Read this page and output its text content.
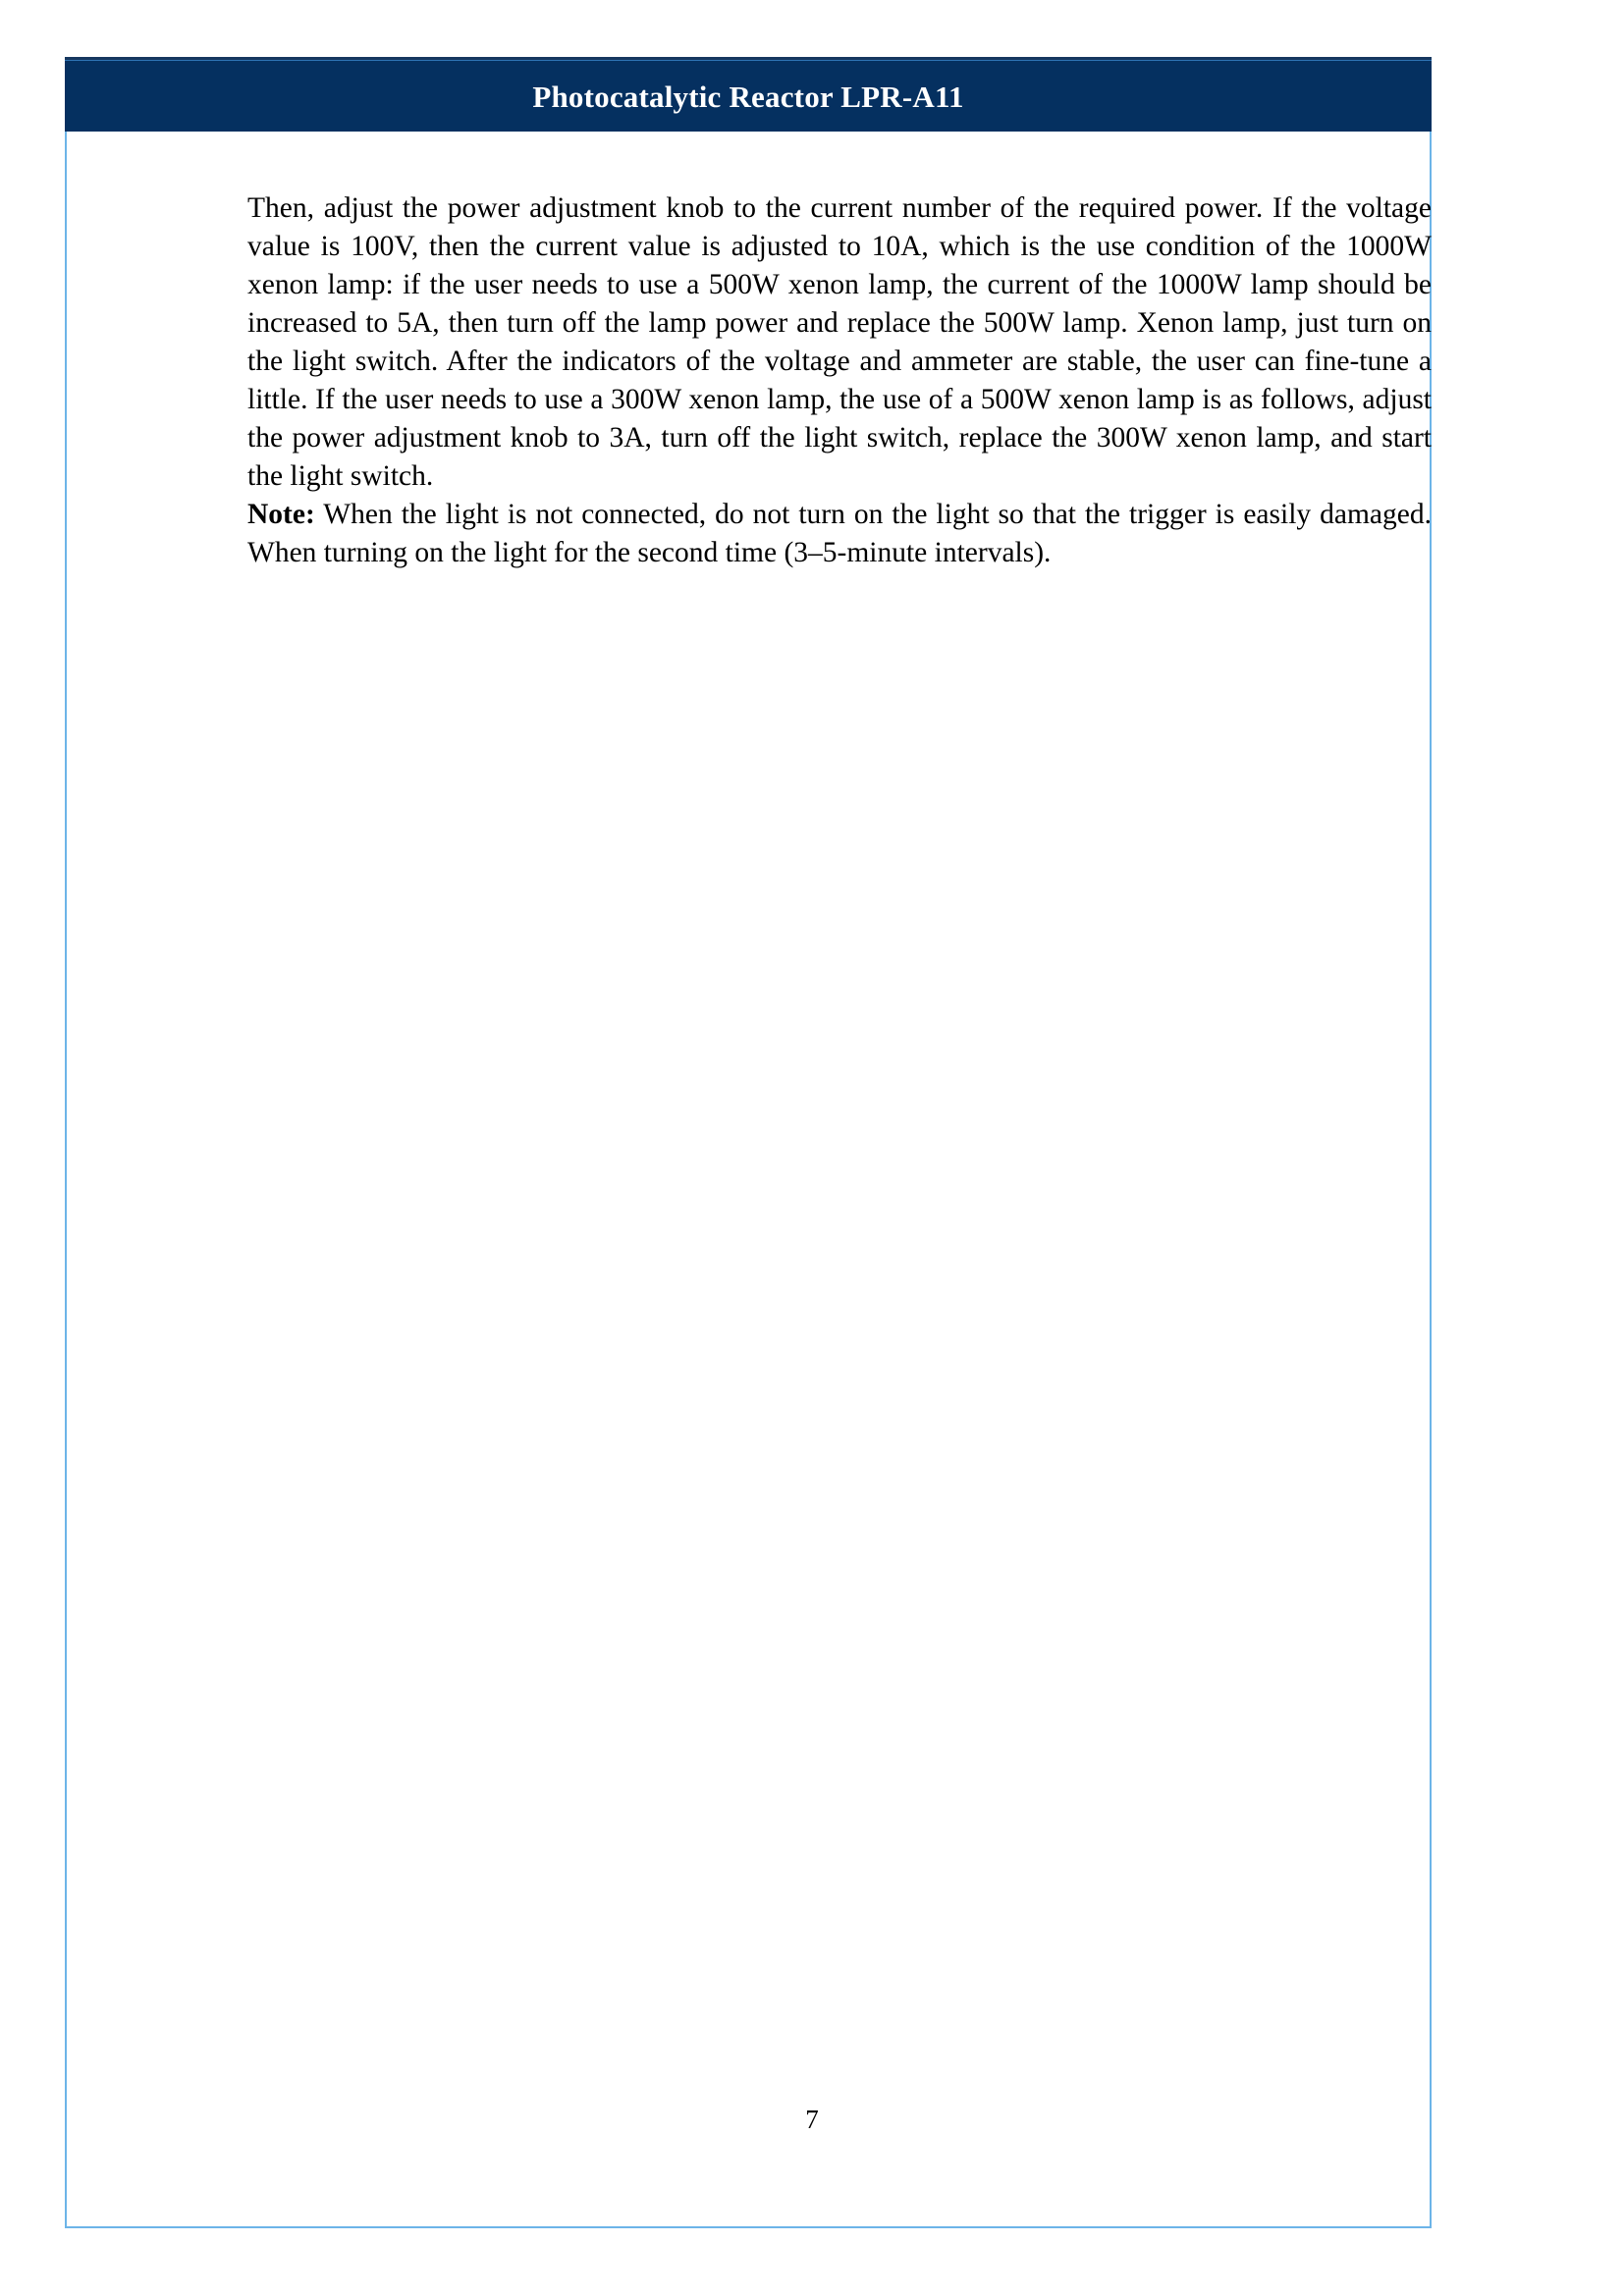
Photocatalytic Reactor LPR-A11

Then, adjust the power adjustment knob to the current number of the required power. If the voltage value is 100V, then the current value is adjusted to 10A, which is the use condition of the 1000W xenon lamp: if the user needs to use a 500W xenon lamp, the current of the 1000W lamp should be increased to 5A, then turn off the lamp power and replace the 500W lamp. Xenon lamp, just turn on the light switch. After the indicators of the voltage and ammeter are stable, the user can fine-tune a little. If the user needs to use a 300W xenon lamp, the use of a 500W xenon lamp is as follows, adjust the power adjustment knob to 3A, turn off the light switch, replace the 300W xenon lamp, and start the light switch.

Note: When the light is not connected, do not turn on the light so that the trigger is easily damaged. When turning on the light for the second time (3–5-minute intervals).

7
